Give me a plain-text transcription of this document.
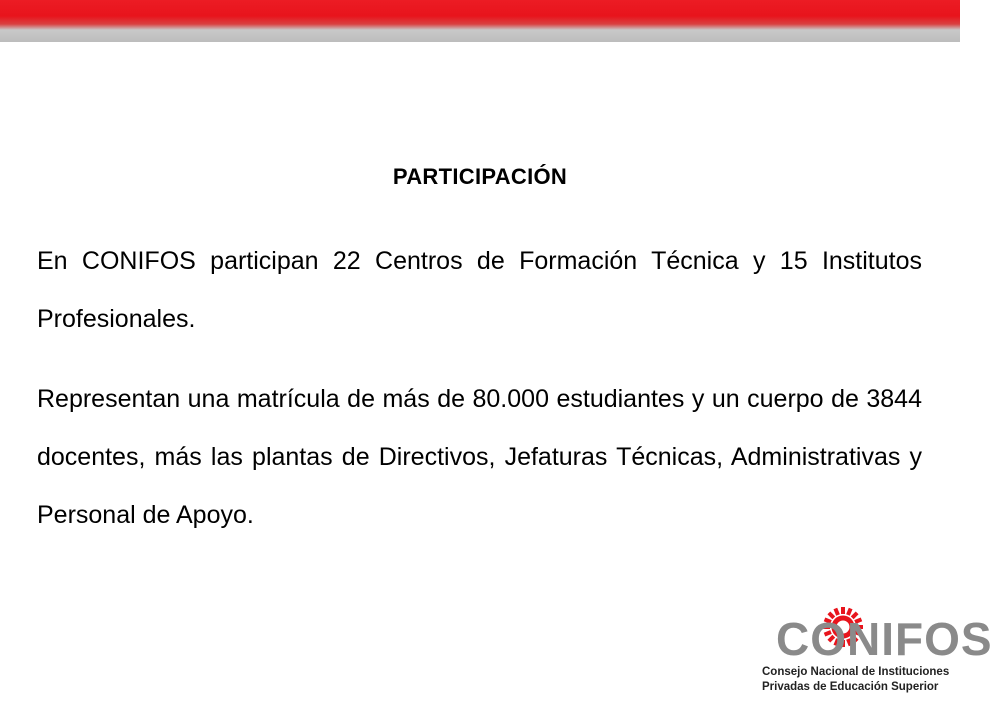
PARTICIPACIÓN
En CONIFOS participan 22 Centros de Formación Técnica y 15 Institutos Profesionales.
Representan una matrícula de más de 80.000 estudiantes y un cuerpo de 3844 docentes, más las plantas de Directivos, Jefaturas Técnicas, Administrativas y Personal de Apoyo.
CONIFOS
Consejo Nacional de Instituciones
Privadas de Educación Superior
